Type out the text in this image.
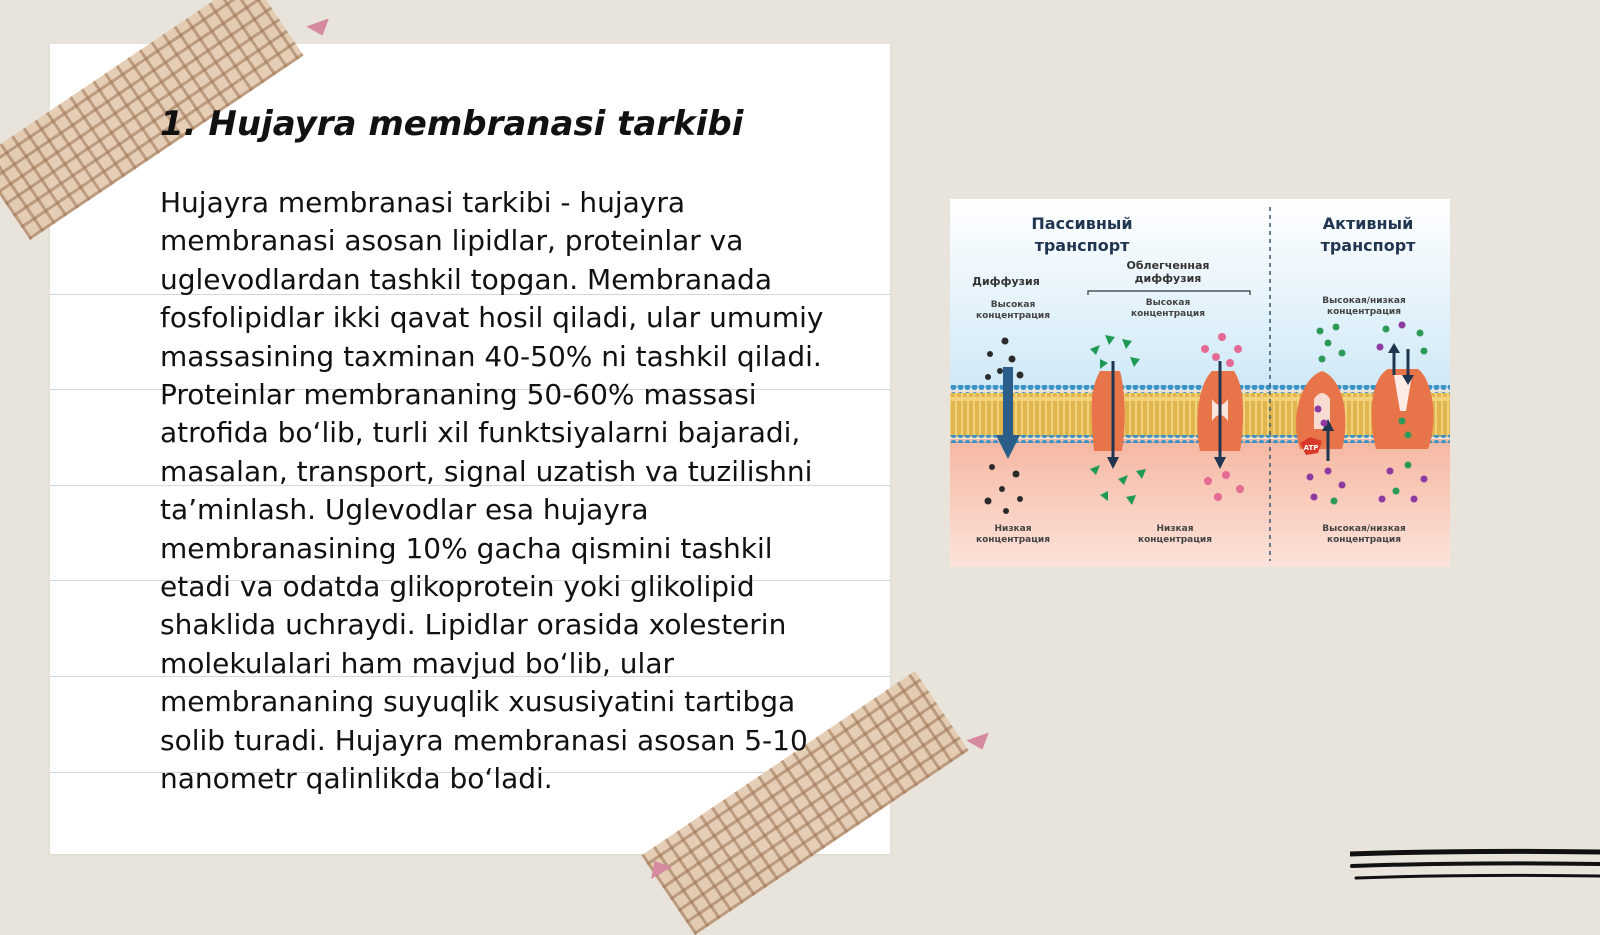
1. Hujayra membranasi tarkibi

Hujayra membranasi tarkibi - hujayra membranasi asosan lipidlar, proteinlar va uglevodlardan tashkil topgan. Membranada fosfolipidlar ikki qavat hosil qiladi, ular umumiy massasining taxminan 40-50% ni tashkil qiladi. Proteinlar membrananing 50-60% massasi atrofida bo‘lib, turli xil funktsiyalarni bajaradi, masalan, transport, signal uzatish va tuzilishni ta’minlash. Uglevodlar esa hujayra membranasining 10% gacha qismini tashkil etadi va odatda glikoprotein yoki glikolipid shaklida uchraydi. Lipidlar orasida xolesterin molekulalari ham mavjud bo‘lib, ular membrananing suyuqlik xususiyatini tartibga solib turadi. Hujayra membranasi asosan 5-10 nanometr qalinlikda bo‘ladi.

Пассивный
транспорт
Активный
транспорт
Диффузия
Облегченная
диффузия
Высокая
концентрация
Высокая
концентрация
Высокая/низкая
концентрация
Низкая
концентрация
Низкая
концентрация
Высокая/низкая
концентрация
ATP
